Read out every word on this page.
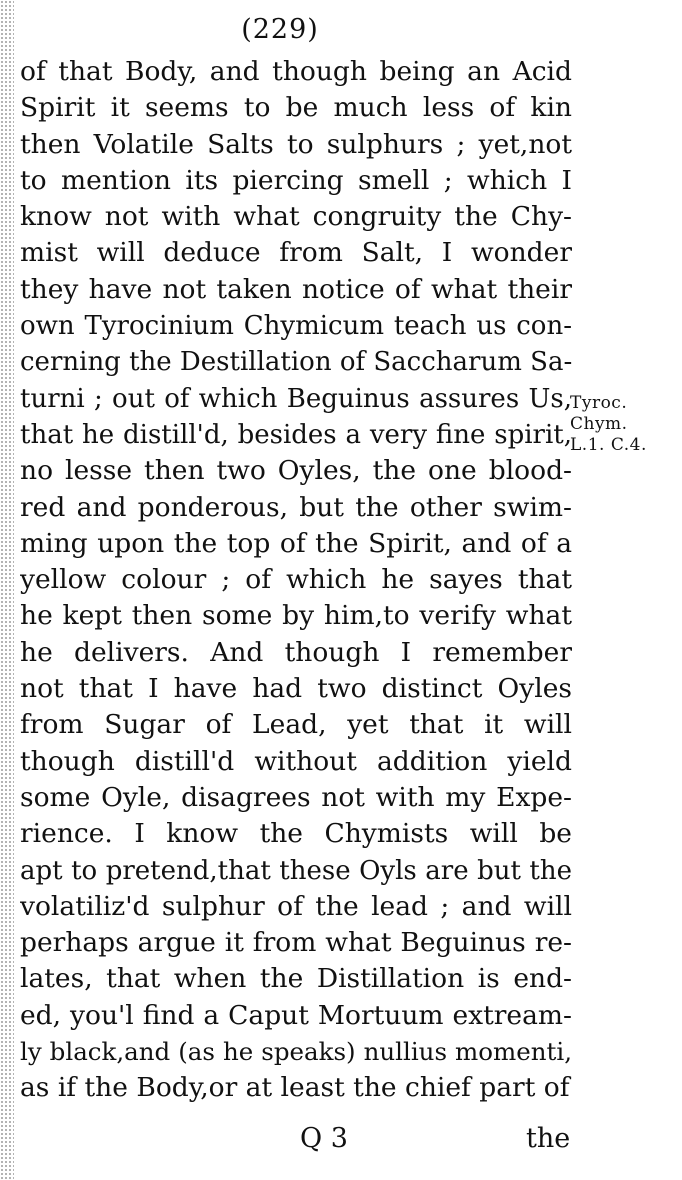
(229)
of that Body, and though being an Acid
Spirit it seems to be much less of kin
then Volatile Salts to sulphurs ; yet,not
to mention its piercing smell ; which I
know not with what congruity the Chy-
mist will deduce from Salt, I wonder
they have not taken notice of what their
own Tyrocinium Chymicum teach us con-
cerning the Destillation of Saccharum Sa-
turni ; out of which Beguinus assures Us,
that he distill'd, besides a very fine spirit,
no lesse then two Oyles, the one blood-
red and ponderous, but the other swim-
ming upon the top of the Spirit, and of a
yellow colour ; of which he sayes that
he kept then some by him,to verify what
he delivers. And though I remember
not that I have had two distinct Oyles
from Sugar of Lead, yet that it will
though distill'd without addition yield
some Oyle, disagrees not with my Expe-
rience. I know the Chymists will be
apt to pretend,that these Oyls are but the
volatiliz'd sulphur of the lead ; and will
perhaps argue it from what Beguinus re-
lates, that when the Distillation is end-
ed, you'l find a Caput Mortuum extream-
ly black,and (as he speaks) nullius momenti,
as if the Body,or at least the chief part of
Tyroc.
Chym.
L.1. C.4.
Q 3	the
